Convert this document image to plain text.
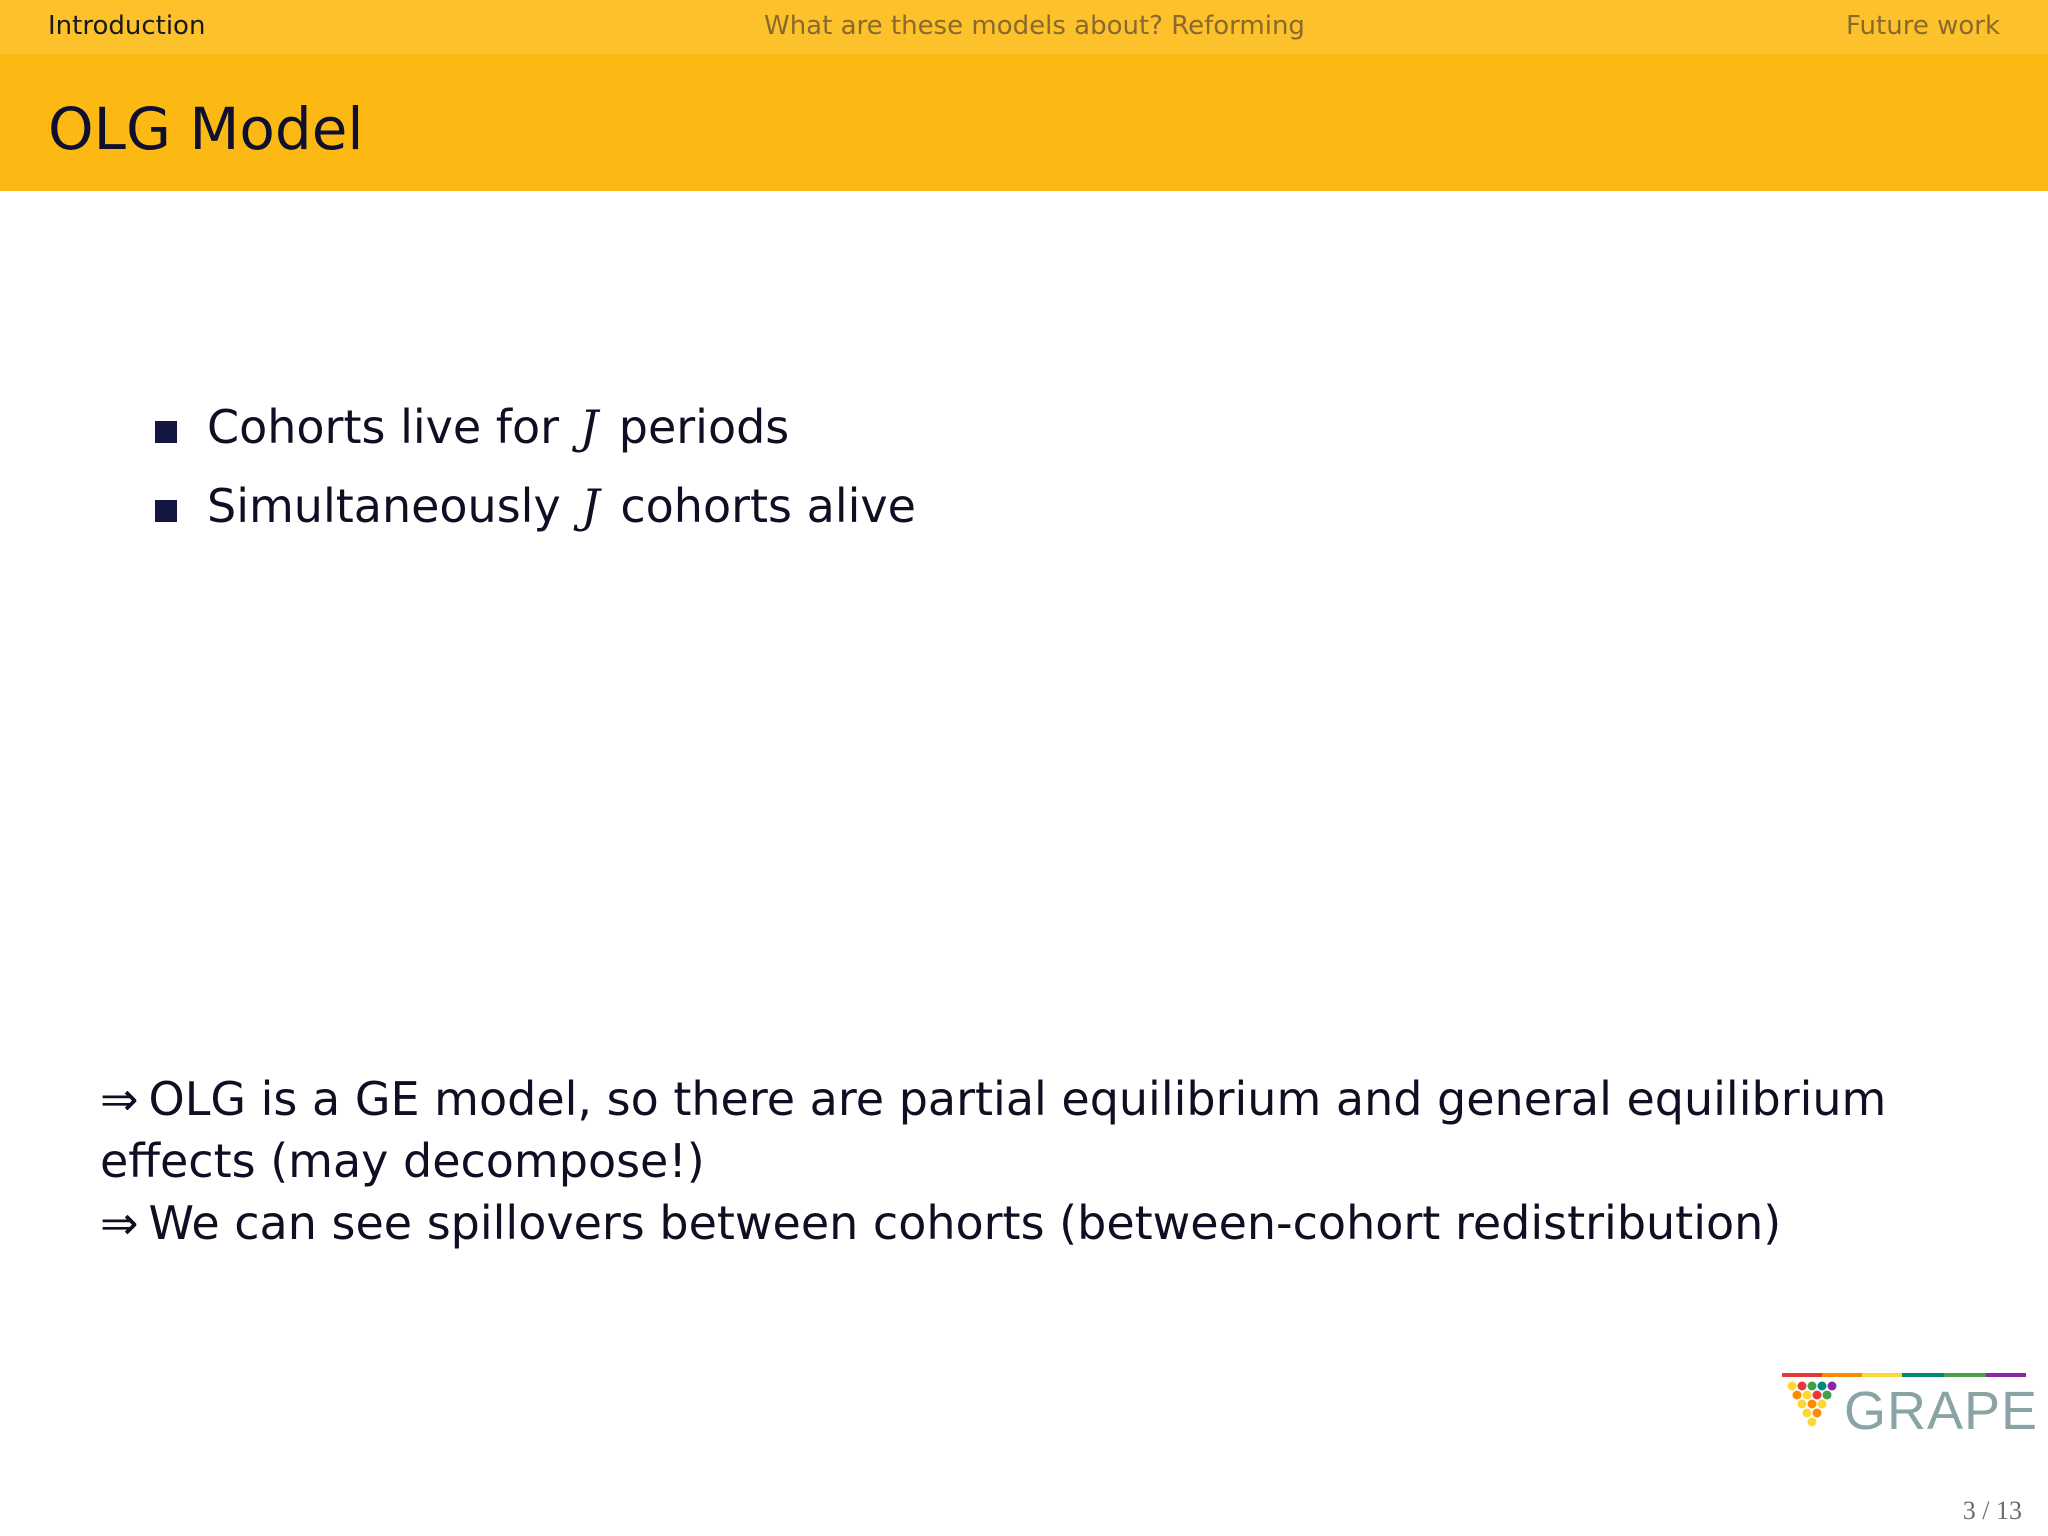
Introduction	What are these models about? Reforming	Future work
OLG Model
Cohorts live for J periods
Simultaneously J cohorts alive
⇒ OLG is a GE model, so there are partial equilibrium and general equilibrium
effects (may decompose!)
⇒ We can see spillovers between cohorts (between-cohort redistribution)
GRAPE
3 / 13
